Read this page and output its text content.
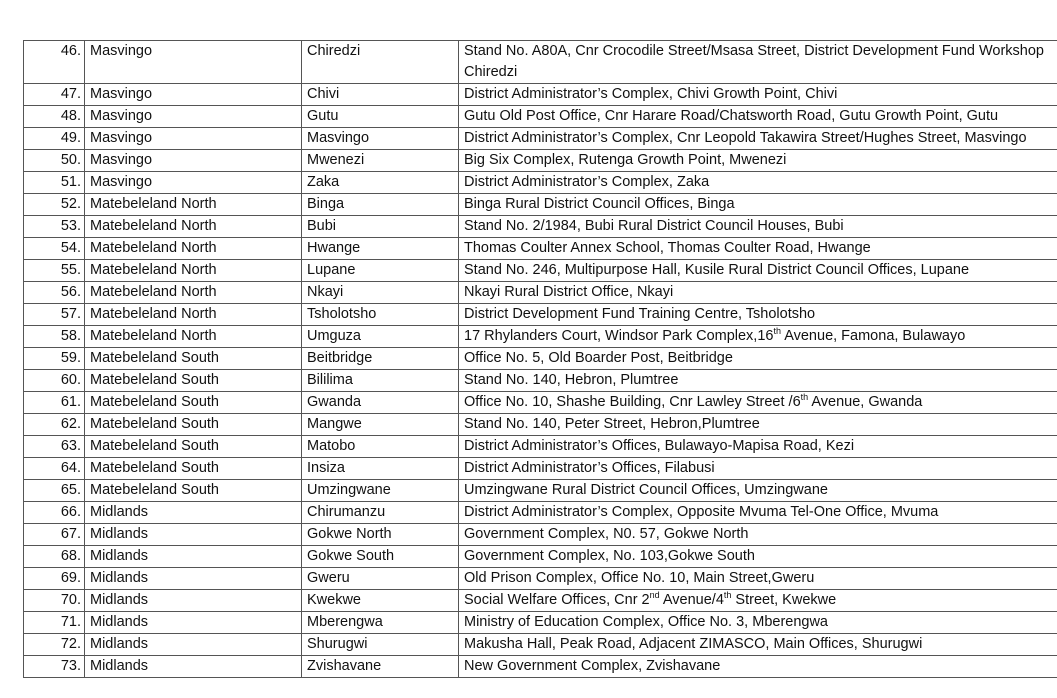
46.	Masvingo	Chiredzi	Stand No. A80A, Cnr Crocodile Street/Msasa Street, District Development Fund Workshop Chiredzi
47.	Masvingo	Chivi	District Administrator’s Complex, Chivi Growth Point, Chivi
48.	Masvingo	Gutu	Gutu Old Post Office, Cnr Harare Road/Chatsworth Road, Gutu Growth Point, Gutu
49.	Masvingo	Masvingo	District Administrator’s Complex, Cnr Leopold Takawira Street/Hughes Street, Masvingo
50.	Masvingo	Mwenezi	Big Six Complex, Rutenga Growth Point, Mwenezi
51.	Masvingo	Zaka	District Administrator’s Complex, Zaka
52.	Matebeleland North	Binga	Binga Rural District Council Offices, Binga
53.	Matebeleland North	Bubi	Stand No. 2/1984, Bubi Rural District Council Houses, Bubi
54.	Matebeleland North	Hwange	Thomas Coulter Annex School, Thomas Coulter Road, Hwange
55.	Matebeleland North	Lupane	Stand No. 246, Multipurpose Hall, Kusile Rural District Council Offices, Lupane
56.	Matebeleland North	Nkayi	Nkayi Rural District Office, Nkayi
57.	Matebeleland North	Tsholotsho	District Development Fund Training Centre, Tsholotsho
58.	Matebeleland North	Umguza	17 Rhylanders Court, Windsor Park Complex,16th Avenue, Famona, Bulawayo
59.	Matebeleland South	Beitbridge	Office No. 5, Old Boarder Post, Beitbridge
60.	Matebeleland South	Bililima	Stand No. 140, Hebron, Plumtree
61.	Matebeleland South	Gwanda	Office No. 10, Shashe Building, Cnr Lawley Street /6th Avenue, Gwanda
62.	Matebeleland South	Mangwe	Stand No. 140, Peter Street, Hebron,Plumtree
63.	Matebeleland South	Matobo	District Administrator’s Offices, Bulawayo-Mapisa Road, Kezi
64.	Matebeleland South	Insiza	District Administrator’s Offices, Filabusi
65.	Matebeleland South	Umzingwane	Umzingwane Rural District Council Offices, Umzingwane
66.	Midlands	Chirumanzu	District Administrator’s Complex, Opposite Mvuma Tel-One Office, Mvuma
67.	Midlands	Gokwe North	Government Complex, N0. 57, Gokwe North
68.	Midlands	Gokwe South	Government Complex, No. 103,Gokwe South
69.	Midlands	Gweru	Old Prison Complex, Office No. 10, Main Street,Gweru
70.	Midlands	Kwekwe	Social Welfare Offices, Cnr 2nd Avenue/4th Street, Kwekwe
71.	Midlands	Mberengwa	Ministry of Education Complex, Office No. 3, Mberengwa
72.	Midlands	Shurugwi	Makusha Hall, Peak Road, Adjacent ZIMASCO, Main Offices, Shurugwi
73.	Midlands	Zvishavane	New Government Complex, Zvishavane
